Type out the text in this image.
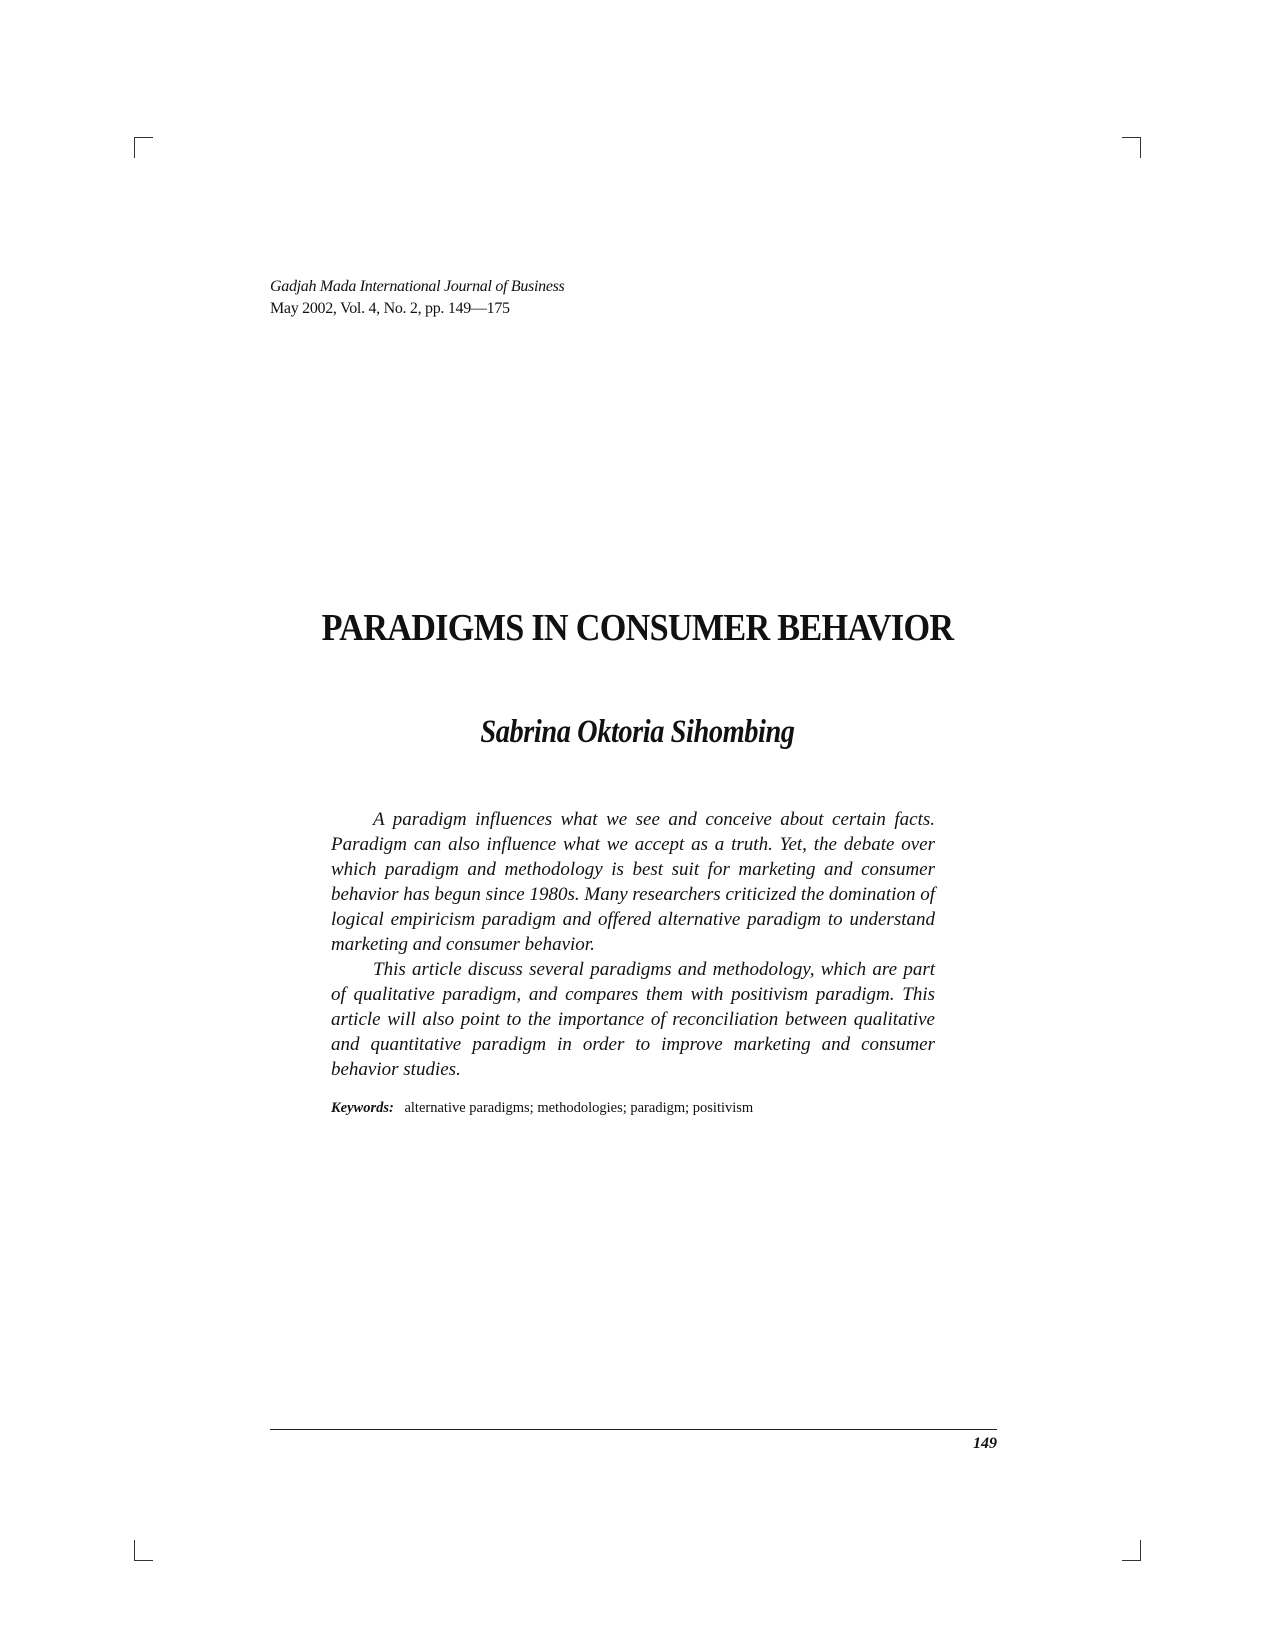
Gadjah Mada International Journal of Business
May 2002, Vol. 4, No. 2, pp. 149—175
PARADIGMS IN CONSUMER BEHAVIOR
Sabrina Oktoria Sihombing

A paradigm influences what we see and conceive about certain facts. Paradigm can also influence what we accept as a truth. Yet, the debate over which paradigm and methodology is best suit for marketing and consumer behavior has begun since 1980s. Many researchers criticized the domination of logical empiricism paradigm and offered alternative paradigm to understand marketing and consumer behavior.

This article discuss several paradigms and methodology, which are part of qualitative paradigm, and compares them with positivism paradigm. This article will also point to the importance of reconciliation between qualitative and quantitative paradigm in order to improve marketing and consumer behavior studies.

Keywords: alternative paradigms; methodologies; paradigm; positivism
149
